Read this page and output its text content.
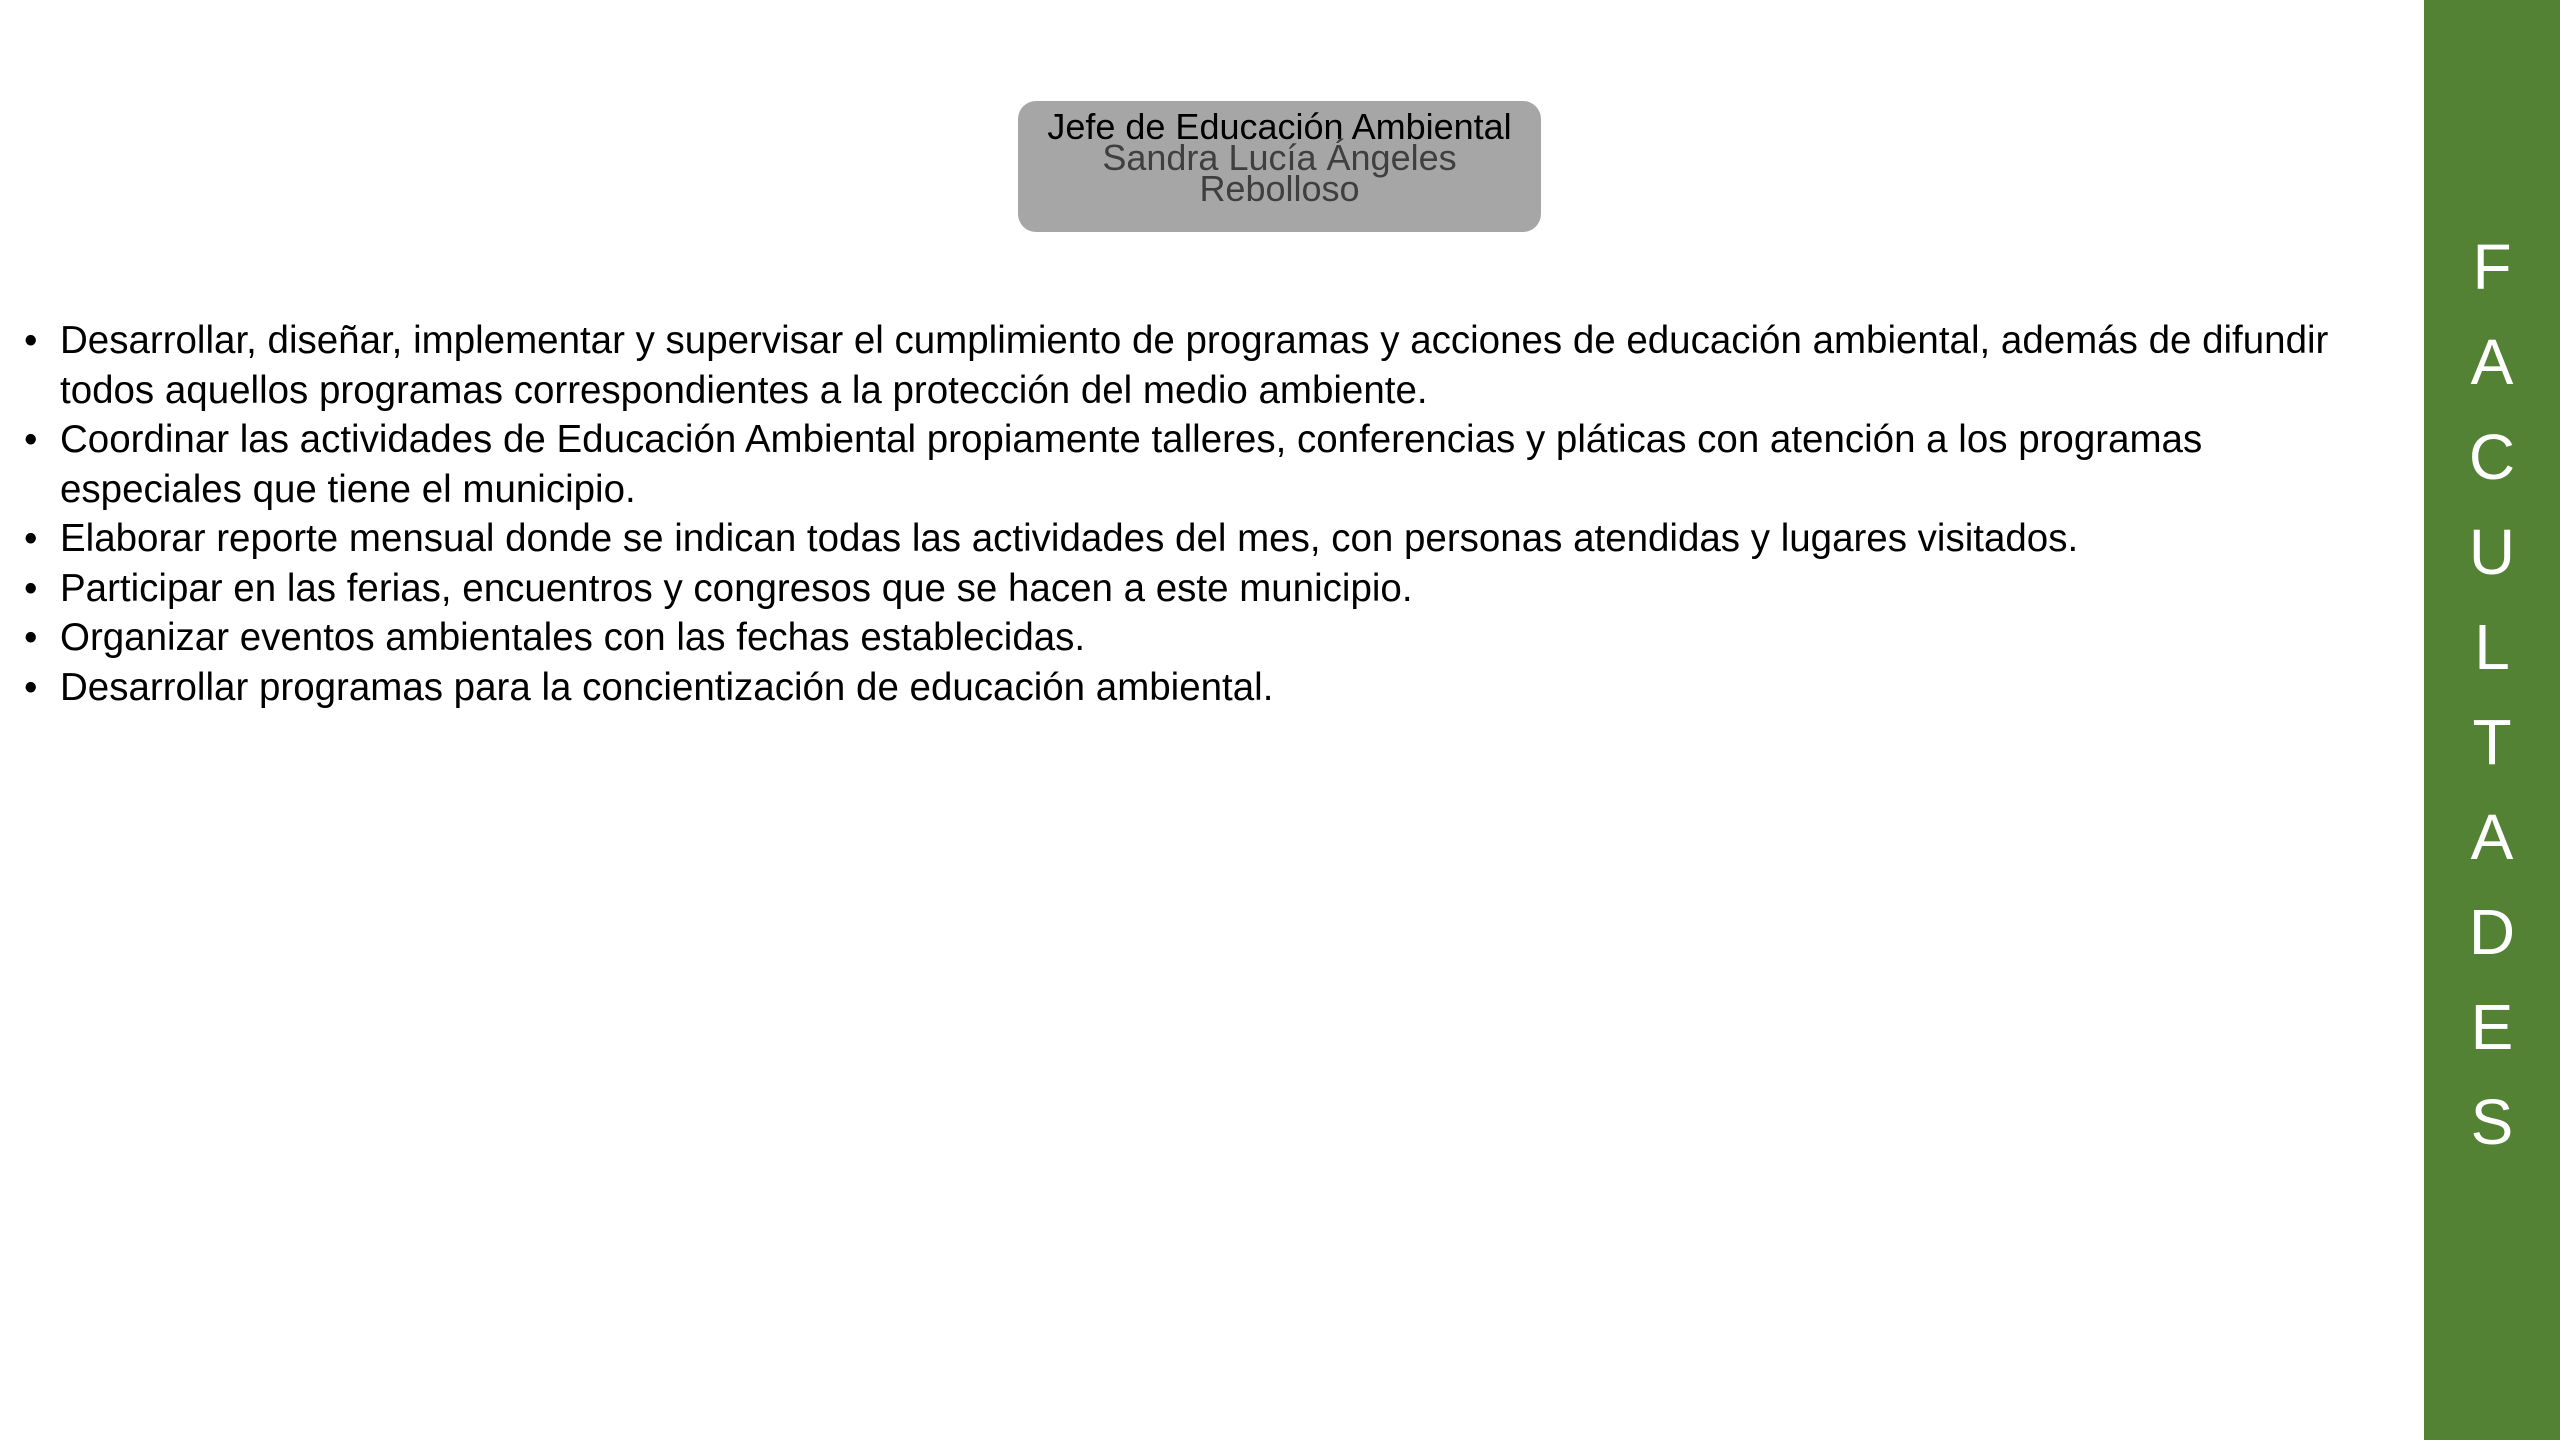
Jefe de Educación Ambiental
Sandra Lucía Ángeles
Rebolloso
• Desarrollar, diseñar, implementar y supervisar el cumplimiento de programas y acciones de educación ambiental, además de difundir todos aquellos programas correspondientes a la protección del medio ambiente.
• Coordinar las actividades de Educación Ambiental propiamente talleres, conferencias y pláticas con atención a los programas especiales que tiene el municipio.
• Elaborar reporte mensual donde se indican todas las actividades del mes, con personas atendidas y lugares visitados.
• Participar en las ferias, encuentros y congresos que se hacen a este municipio.
• Organizar eventos ambientales con las fechas establecidas.
• Desarrollar programas para la concientización de educación ambiental.
F
A
C
U
L
T
A
D
E
S
